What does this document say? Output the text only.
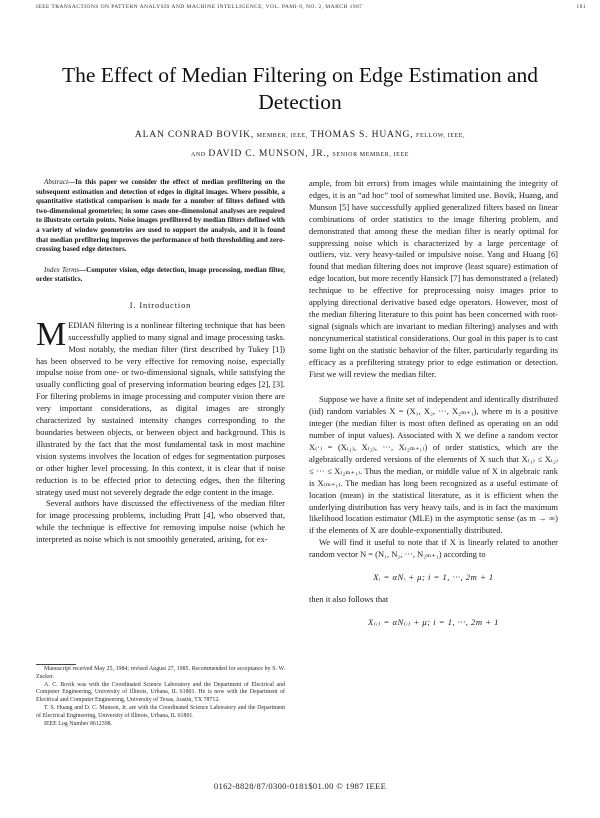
IEEE TRANSACTIONS ON PATTERN ANALYSIS AND MACHINE INTELLIGENCE, VOL. PAMI-9, NO. 2, MARCH 1987	181
The Effect of Median Filtering on Edge Estimation and Detection
ALAN CONRAD BOVIK, MEMBER, IEEE, THOMAS S. HUANG, FELLOW, IEEE,
AND DAVID C. MUNSON, JR., SENIOR MEMBER, IEEE

Abstract—In this paper we consider the effect of median prefiltering on the subsequent estimation and detection of edges in digital images. Where possible, a quantitative statistical comparison is made for a number of filters defined with two-dimensional geometries; in some cases one-dimensional analyses are required to illustrate certain points. Noise images prefiltered by median filters defined with a variety of window geometries are used to support the analysis, and it is found that median prefiltering improves the performance of both thresholding and zero-crossing based edge detectors.

Index Terms—Computer vision, edge detection, image processing, median filter, order statistics.

I. Introduction

MEDIAN filtering is a nonlinear filtering technique that has been successfully applied to many signal and image processing tasks. Most notably, the median filter (first described by Tukey [1]) has been observed to be very effective for removing noise, especially impulse noise from one- or two-dimensional signals, while satisfying the usually conflicting goal of preserving information bearing edges [2], [3]. For filtering problems in image processing and computer vision there are very important considerations, as digital images are strongly characterized by sustained intensity changes corresponding to the boundaries between objects, or between object and background. This is illustrated by the fact that the most fundamental task in most machine vision systems involves the location of edges for segmentation purposes or other higher level processing. In this context, it is clear that if noise reduction is to be effected prior to detecting edges, then the filtering strategy used must not severely degrade the edge content in the image.

Several authors have discussed the effectiveness of the median filter for image processing problems, including Pratt [4], who observed that, while the technique is effective for removing impulse noise (which he interpreted as noise which is not smoothly generated, arising, for ex-

Manuscript received May 25, 1984; revised August 27, 1985. Recommended for acceptance by S. W. Zucker.

A. C. Bovik was with the Coordinated Science Laboratory and the Department of Electrical and Computer Engineering, University of Illinois, Urbana, IL 61801. He is now with the Department of Electrical and Computer Engineering, University of Texas, Austin, TX 78712.

T. S. Huang and D. C. Munson, Jr. are with the Coordinated Science Laboratory and the Department of Electrical Engineering, University of Illinois, Urbana, IL 61801.

IEEE Log Number 8612398.

ample, from bit errors) from images while maintaining the integrity of edges, it is an “ad hoc” tool of somewhat limited use. Bovik, Huang, and Munson [5] have successfully applied generalized filters based on linear combinations of order statistics to the image filtering problem, and demonstrated that among these the median filter is nearly optimal for suppressing noise which is characterized by a large percentage of outliers, viz. very heavy-tailed or impulsive noise. Yang and Huang [6] found that median filtering does not improve (least square) estimation of edge location, but more recently Hansick [7] has demonstrated a (related) technique to be effective for preprocessing noisy images prior to applying directional derivative based edge operators. However, most of the median filtering literature to this point has been concerned with root-signal (signals which are invariant to median filtering) analyses and with noncynumerical statistical considerations. Our goal in this paper is to cast some light on the statistic behavior of the filter, particularly regarding its efficacy as a prefiltering strategy prior to edge estimation or detection. First we will review the median filter.

Suppose we have a finite set of independent and identically distributed (iid) random variables X = (X₁, X₂, ···, X₂ₘ₊₁), where m is a positive integer (the median filter is most often defined as operating on an odd number of input values). Associated with X we define a random vector X₍·₎ = (X₍₁₎, X₍₂₎, ···, X₍₂ₘ₊₁₎) of order statistics, which are the algebraically ordered versions of the elements of X such that X₍₁₎ ≤ X₍₂₎ ≤ ··· ≤ X₍₂ₘ₊₁₎. Thus the median, or middle value of X in algebraic rank is X₍ₘ₊₁₎. The median has long been recognized as a useful estimate of location (mean) in the statistical literature, as it is efficient when the underlying distribution has very heavy tails, and is in fact the maximum likelihood location estimator (MLE) in the asymptotic sense (as m → ∞) if the elements of X are double-exponentially distributed.

We will find it useful to note that if X is linearly related to another random vector N = (N₁, N₂, ···, N₂ₘ₊₁) according to

Xᵢ = αNᵢ + μ; i = 1, ···, 2m + 1

then it also follows that

X₍ᵢ₎ = αN₍ᵢ₎ + μ; i = 1, ···, 2m + 1
0162-8828/87/0300-0181$01.00 © 1987 IEEE
